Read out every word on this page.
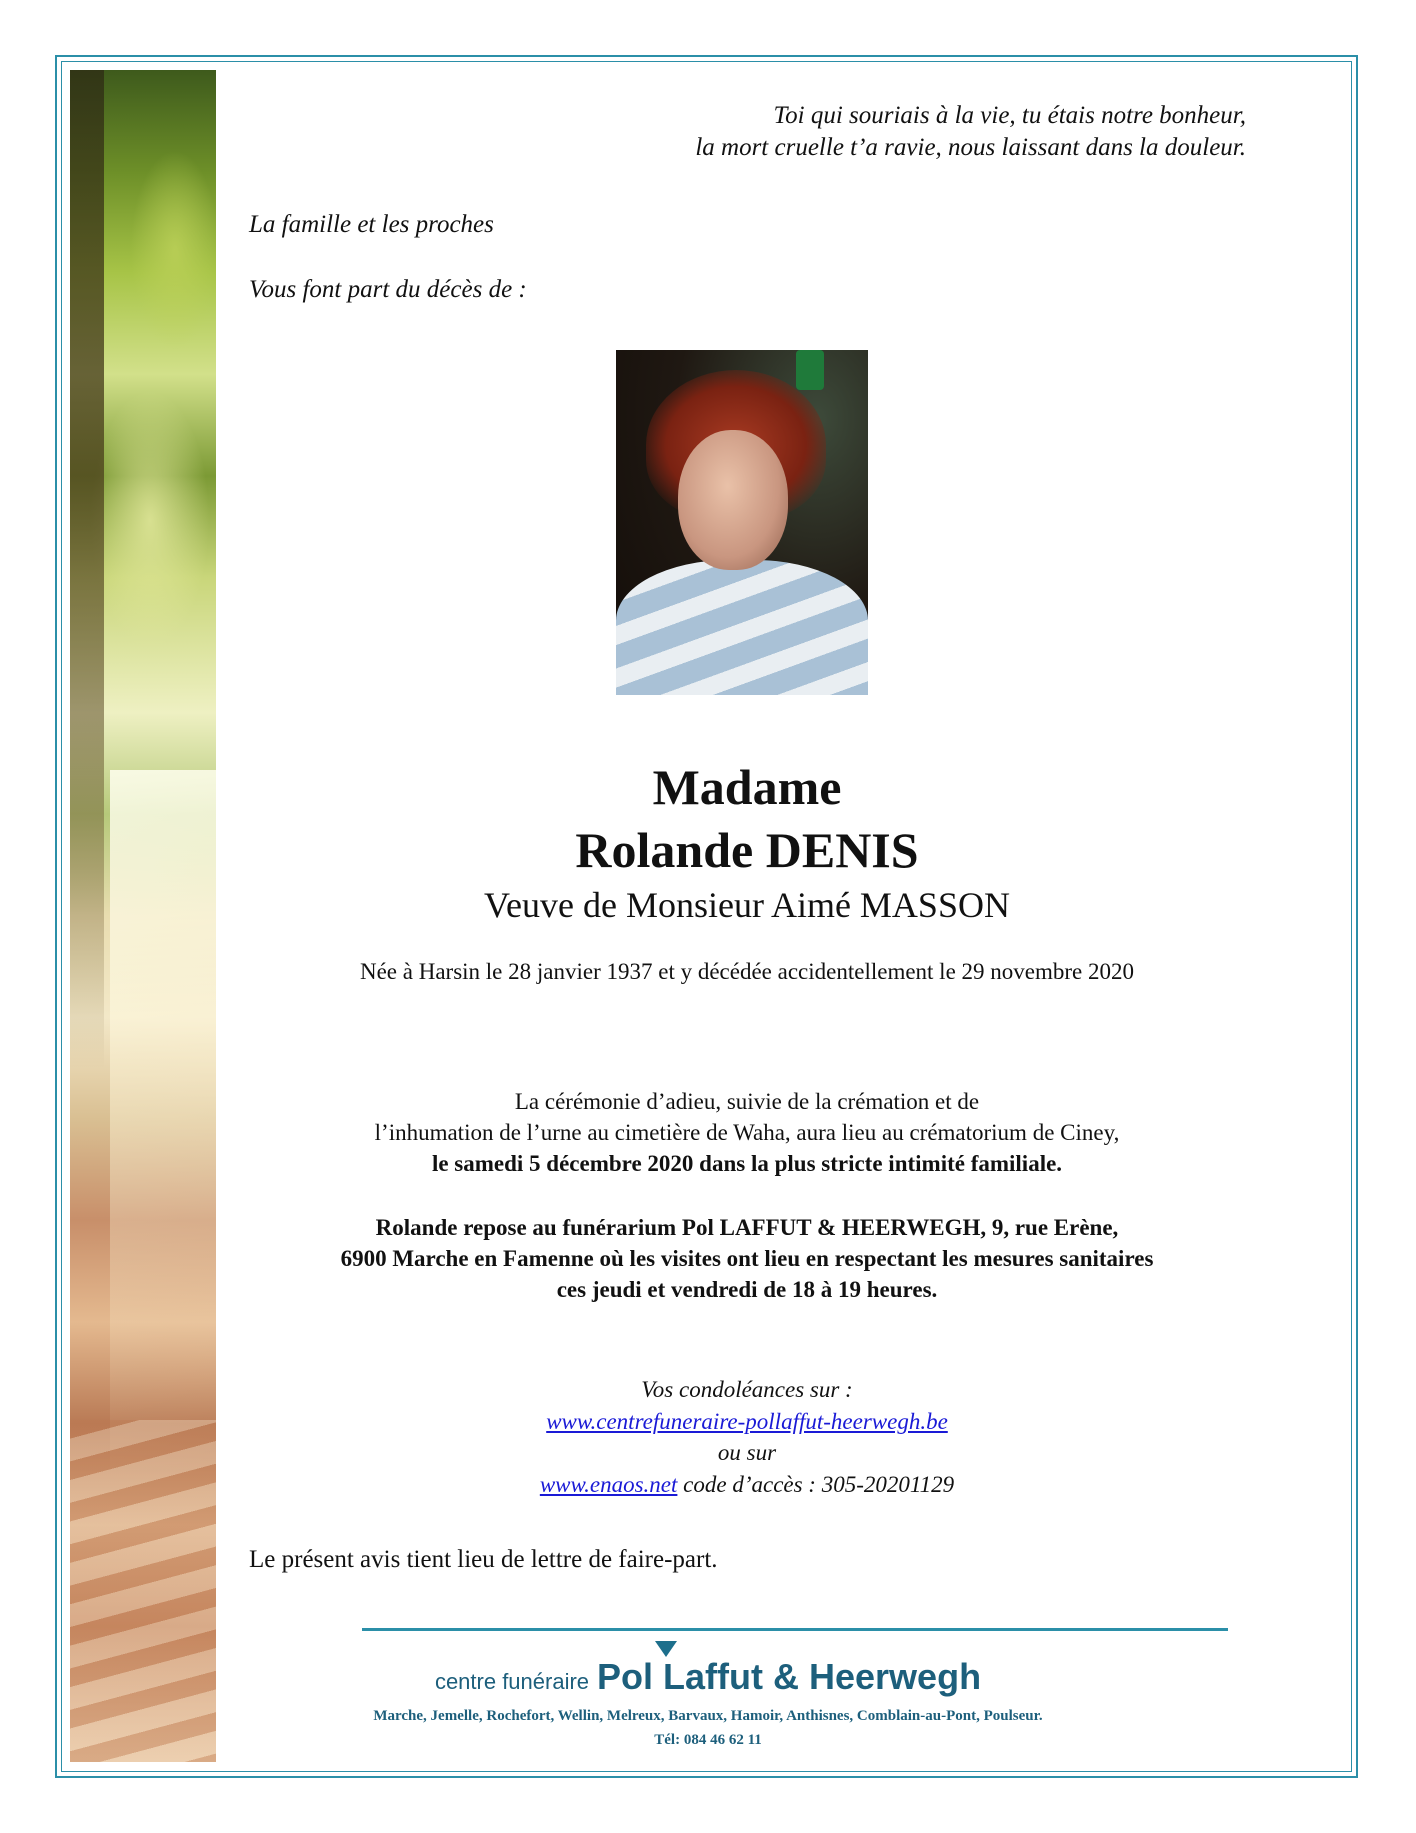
Toi qui souriais à la vie, tu étais notre bonheur,
la mort cruelle t’a ravie, nous laissant dans la douleur.
La famille et les proches
Vous font part du décès de :
Madame
Rolande DENIS
Veuve de Monsieur Aimé MASSON
Née à Harsin le 28 janvier 1937 et y décédée accidentellement le 29 novembre 2020
La cérémonie d’adieu, suivie de la crémation et de
l’inhumation de l’urne au cimetière de Waha, aura lieu au crématorium de Ciney,
le samedi 5 décembre 2020 dans la plus stricte intimité familiale.
Rolande repose au funérarium Pol LAFFUT & HEERWEGH, 9, rue Erène,
6900 Marche en Famenne où les visites ont lieu en respectant les mesures sanitaires
ces jeudi et vendredi de 18 à 19 heures.
Vos condoléances sur :
www.centrefuneraire-pollaffut-heerwegh.be
ou sur
www.enaos.net code d’accès : 305-20201129
Le présent avis tient lieu de lettre de faire-part.
centre funéraire Pol Laffut & Heerwegh
Marche, Jemelle, Rochefort, Wellin, Melreux, Barvaux, Hamoir, Anthisnes, Comblain-au-Pont, Poulseur.
Tél: 084 46 62 11
